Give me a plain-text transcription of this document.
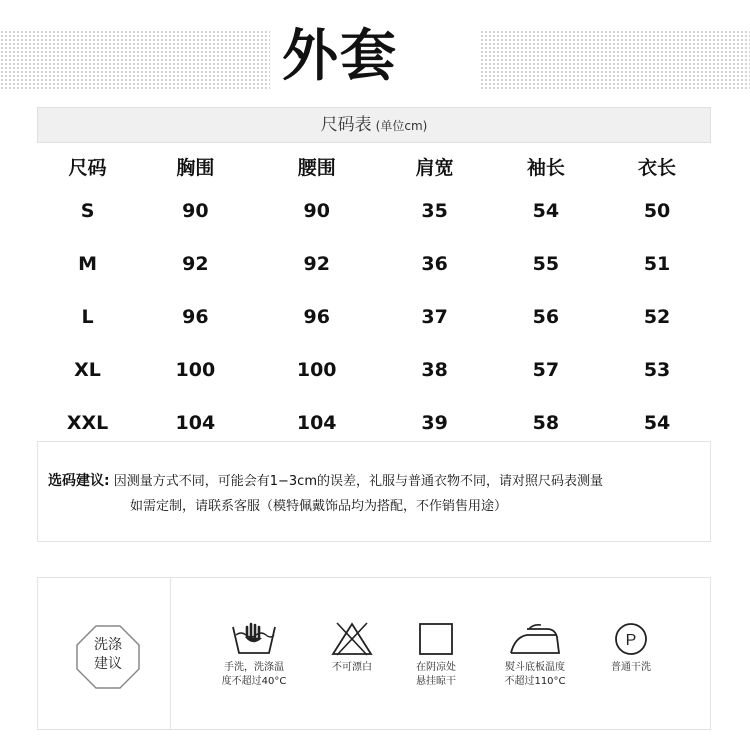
外套
尺码表 (单位cm)
尺码	胸围	腰围	肩宽	袖长	衣长
S	90	90	35	54	50
M	92	92	36	55	51
L	96	96	37	56	52
XL	100	100	38	57	53
XXL	104	104	39	58	54
选码建议: 因测量方式不同，可能会有1−3cm的误差，礼服与普通衣物不同，请对照尺码表测量
如需定制，请联系客服（模特佩戴饰品均为搭配，不作销售用途）
洗涤
建议	手洗，洗涤温
度不超过40°C
不可漂白	在阴凉处
悬挂晾干
熨斗底板温度
不超过110°C
P
普通干洗
